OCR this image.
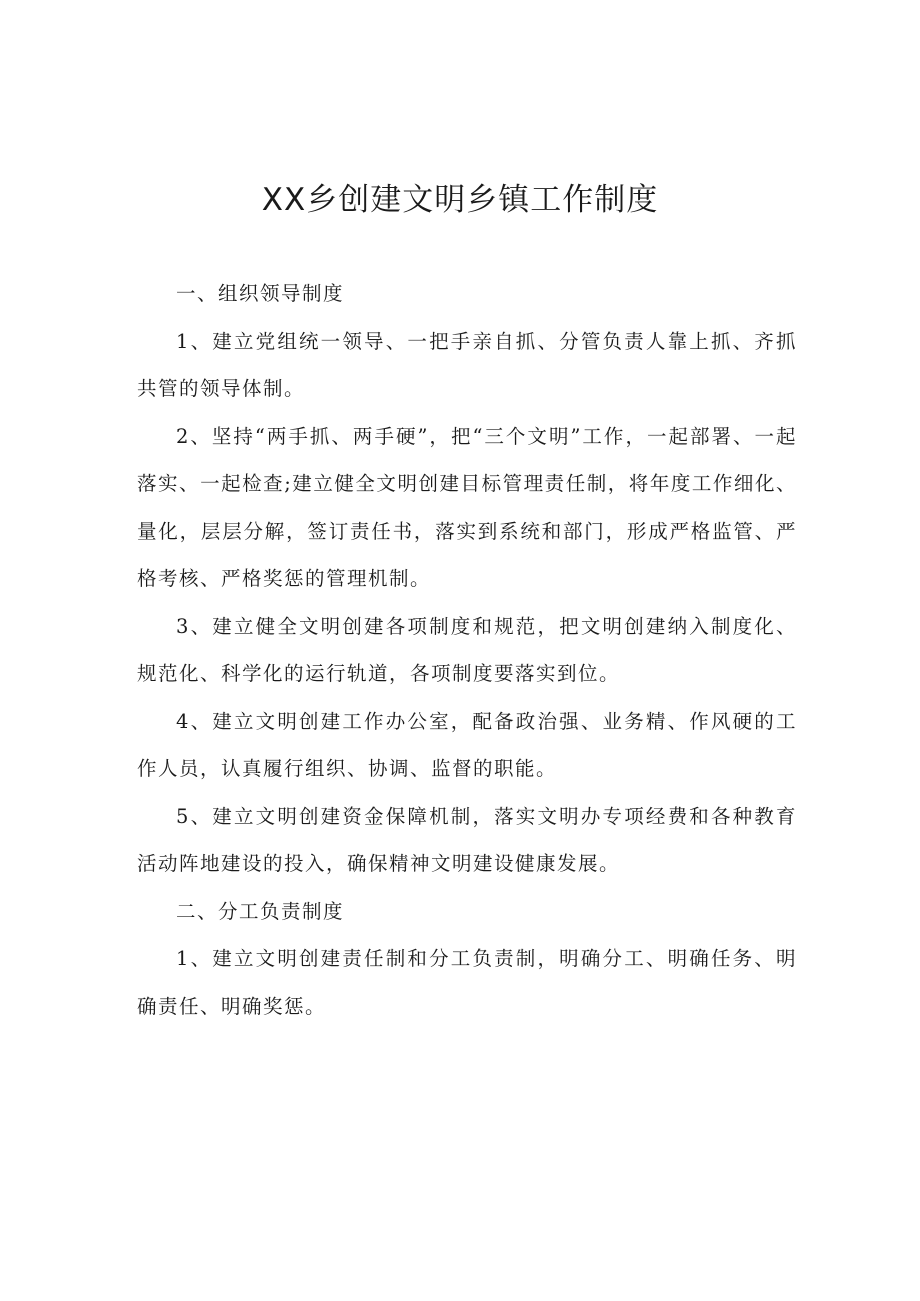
XX乡创建文明乡镇工作制度

一、组织领导制度

1、建立党组统一领导、一把手亲自抓、分管负责人靠上抓、齐抓共管的领导体制。

2、坚持“两手抓、两手硬”，把“三个文明”工作，一起部署、一起落实、一起检查;建立健全文明创建目标管理责任制，将年度工作细化、量化，层层分解，签订责任书，落实到系统和部门，形成严格监管、严格考核、严格奖惩的管理机制。

3、建立健全文明创建各项制度和规范，把文明创建纳入制度化、规范化、科学化的运行轨道，各项制度要落实到位。

4、建立文明创建工作办公室，配备政治强、业务精、作风硬的工作人员，认真履行组织、协调、监督的职能。

5、建立文明创建资金保障机制，落实文明办专项经费和各种教育活动阵地建设的投入，确保精神文明建设健康发展。

二、分工负责制度

1、建立文明创建责任制和分工负责制，明确分工、明确任务、明确责任、明确奖惩。
